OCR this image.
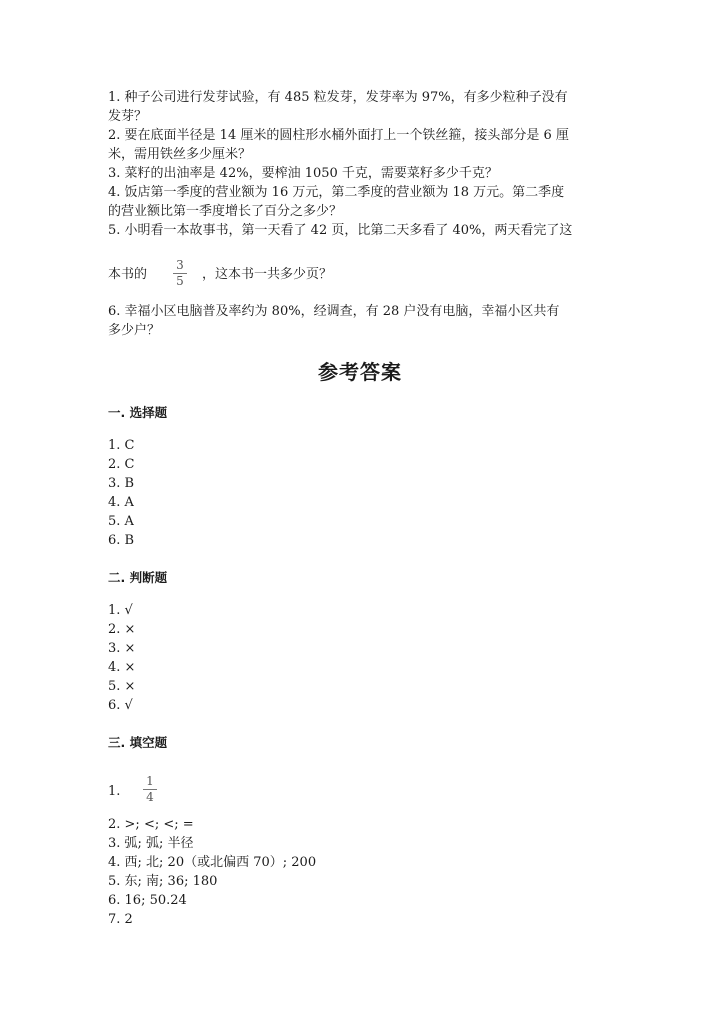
1. 种子公司进行发芽试验，有 485 粒发芽，发芽率为 97%，有多少粒种子没有
发芽？
2. 要在底面半径是 14 厘米的圆柱形水桶外面打上一个铁丝箍，接头部分是 6 厘
米，需用铁丝多少厘米？
3. 菜籽的出油率是 42%，要榨油 1050 千克，需要菜籽多少千克？
4. 饭店第一季度的营业额为 16 万元，第二季度的营业额为 18 万元。第二季度
的营业额比第一季度增长了百分之多少？
5. 小明看一本故事书，第一天看了 42 页，比第二天多看了 40%，两天看完了这
本书的
3
5 ，这本书一共多少页？
6. 幸福小区电脑普及率约为 80%，经调查，有 28 户没有电脑，幸福小区共有
多少户？
参考答案
一. 选择题
1. C
2. C
3. B
4. A
5. A
6. B
二. 判断题
1. √
2. ×
3. ×
4. ×
5. ×
6. √
三. 填空题
1.
1
4
2. >; <; <; =
3. 弧; 弧; 半径
4. 西; 北; 20（或北偏西 70）; 200
5. 东; 南; 36; 180
6. 16; 50.24
7. 2
